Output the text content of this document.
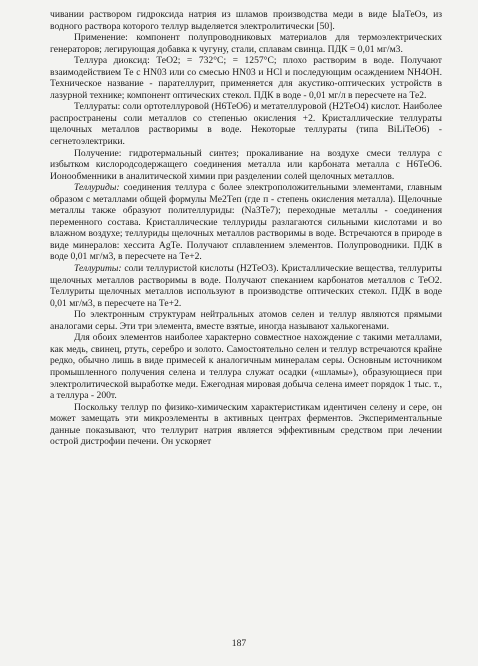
чивании раствором гидроксида натрия из шламов производства меди в виде ЫаТеОз, из водного раствора которого теллур выделяется электролитически [50].

Применение: компонент полупроводниковых материалов для термоэлектрических генераторов; легирующая добавка к чугуну, стали, сплавам свинца. ПДК = 0,01 мг/м3.

Теллура диоксид: ТеО2; = 732°С; = 1257°С; плохо растворим в воде. Получают взаимодействием Те с HN03 или со смесью HN03 и HCl и последующим осаждением NH4OH. Техническое название - парателлурит, применяется для акустико-оптических устройств в лазурной технике; компонент оптических стекол. ПДК в воде - 0,01 мг/л в пересчете на Те2.

Теллураты: соли ортотеллуровой (Н6ТеО6) и метателлуровой (Н2ТеО4) кислот. Наиболее распространены соли металлов со степенью окисления +2. Кристаллические теллураты щелочных металлов растворимы в воде. Некоторые теллураты (типа BiLiTeO6) - сегнетоэлектрики.

Получение: гидротермальный синтез; прокаливание на воздухе смеси теллура с избытком кислородсодержащего соединения металла или карбоната металла с Н6ТеО6. Ионообменники в аналитической химии при разделении солей щелочных металлов.

Теллуриды: соединения теллура с более электроположительными элементами, главным образом с металлами общей формулы Ме2Теп (где п - степень окисления металла). Щелочные металлы также образуют полителлуриды: (Na3Te7); переходные металлы - соединения переменного состава. Кристаллические теллуриды разлагаются сильными кислотами и во влажном воздухе; теллуриды щелочных металлов растворимы в воде. Встречаются в природе в виде минералов: хессита AgTe. Получают сплавлением элементов. Полупроводники. ПДК в воде 0,01 мг/м3, в пересчете на Те+2.

Теллуриты: соли теллуристой кислоты (Н2ТеО3). Кристаллические вещества, теллуриты щелочных металлов растворимы в воде. Получают спеканием карбонатов металлов с ТеО2. Теллуриты щелочных металлов используют в производстве оптических стекол. ПДК в воде 0,01 мг/м3, в пересчете на Те+2.

По электронным структурам нейтральных атомов селен и теллур являются прямыми аналогами серы. Эти три элемента, вместе взятые, иногда называют халькогенами.

Для обоих элементов наиболее характерно совместное нахождение с такими металлами, как медь, свинец, ртуть, серебро и золото. Самостоятельно селен и теллур встречаются крайне редко, обычно лишь в виде примесей к аналогичным минералам серы. Основным источником промышленного получения селена и теллура служат осадки («шламы»), образующиеся при электролитической выработке меди. Ежегодная мировая добыча селена имеет порядок 1 тыс. т., а теллура - 200т.

Поскольку теллур по физико-химическим характеристикам идентичен селену и сере, он может замещать эти микроэлементы в активных центрах ферментов. Экспериментальные данные показывают, что теллурит натрия является эффективным средством при лечении острой дистрофии печени. Он ускоряет

187
